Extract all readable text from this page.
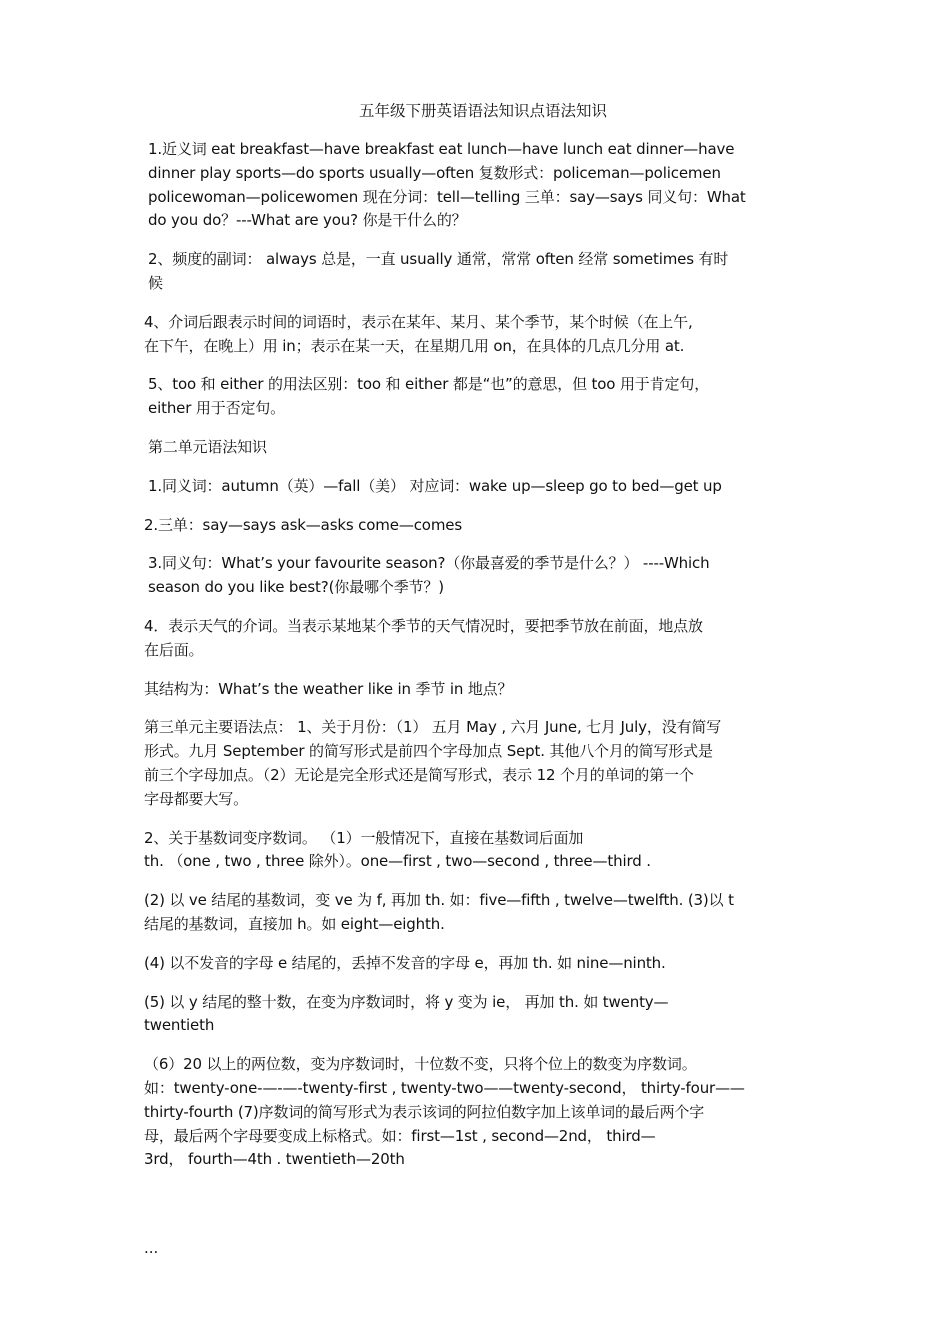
五年级下册英语语法知识点语法知识

1.近义词 eat breakfast—have breakfast eat lunch—have lunch eat dinner—have
dinner play sports—do sports usually—often 复数形式：policeman—policemen
policewoman—policewomen 现在分词：tell—telling 三单：say—says 同义句：What
do you do？---What are you? 你是干什么的？

2、频度的副词： always 总是，一直 usually 通常，常常 often 经常 sometimes 有时
候

4、介词后跟表示时间的词语时，表示在某年、某月、某个季节，某个时候（在上午,
在下午，在晚上）用 in；表示在某一天，在星期几用 on，在具体的几点几分用 at.

5、too 和 either 的用法区别：too 和 either 都是“也”的意思，但 too 用于肯定句，
either 用于否定句。

第二单元语法知识

1.同义词：autumn（英）—fall（美） 对应词：wake up—sleep go to bed—get up

2.三单：say—says ask—asks come—comes

3.同义句：What’s your favourite season?（你最喜爱的季节是什么？） ----Which
season do you like best?(你最哪个季节？)

4．表示天气的介词。当表示某地某个季节的天气情况时，要把季节放在前面，地点放
在后面。

其结构为：What’s the weather like in 季节 in 地点？

第三单元主要语法点： 1、关于月份：（1） 五月 May , 六月 June, 七月 July，没有简写
形式。九月 September 的简写形式是前四个字母加点 Sept. 其他八个月的简写形式是
前三个字母加点。（2）无论是完全形式还是简写形式，表示 12 个月的单词的第一个
字母都要大写。

2、关于基数词变序数词。 （1）一般情况下，直接在基数词后面加
th. （one , two , three 除外）。one—first , two—second , three—third .

(2) 以 ve 结尾的基数词，变 ve 为 f, 再加 th. 如：five—fifth , twelve—twelfth. (3)以 t
结尾的基数词，直接加 h。如 eight—eighth.

(4) 以不发音的字母 e 结尾的，丢掉不发音的字母 e，再加 th. 如 nine—ninth.

(5) 以 y 结尾的整十数，在变为序数词时，将 y 变为 ie， 再加 th. 如 twenty—
twentieth

（6）20 以上的两位数，变为序数词时，十位数不变，只将个位上的数变为序数词。
如：twenty-one-—-—-twenty-first , twenty-two——twenty-second， thirty-four——
thirty-fourth (7)序数词的简写形式为表示该词的阿拉伯数字加上该单词的最后两个字
母，最后两个字母要变成上标格式。如：first—1st , second—2nd， third—
3rd， fourth—4th . twentieth—20th

...
